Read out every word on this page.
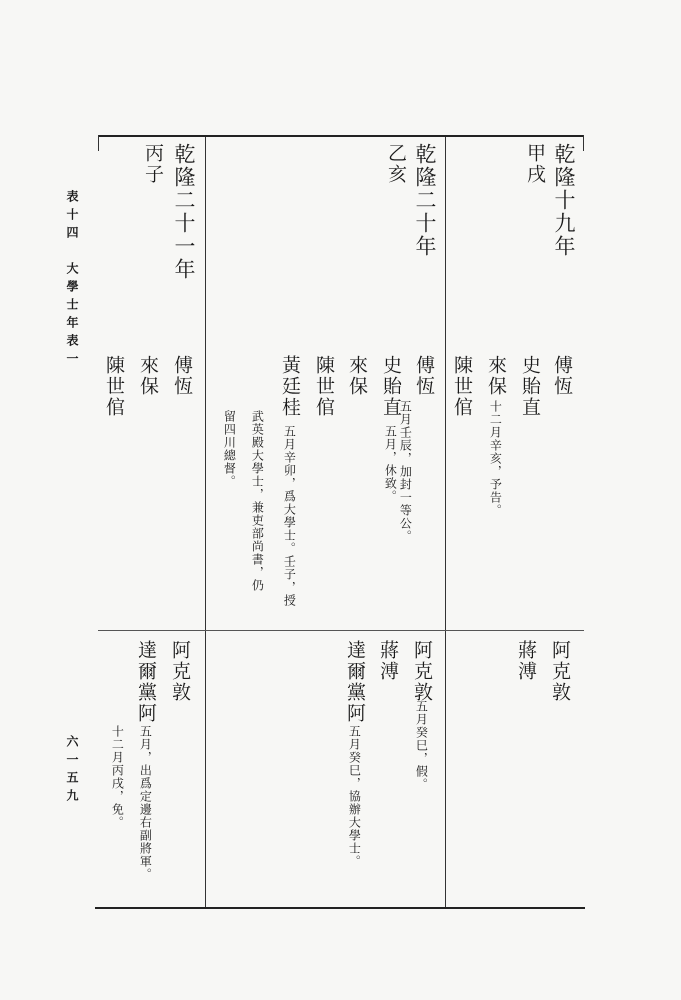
表十四　大學士年表一
六一五九
乾隆十九年
甲戌
傅恆
史貽直
來保
十二月辛亥，予告。
陳世倌
阿克敦
蔣溥
乾隆二十年
乙亥
傅恆
五月壬辰，加封一等公。
史貽直
五月，休致。
來保
陳世倌
黃廷桂
五月辛卯，爲大學士。壬子，授
武英殿大學士，兼吏部尚書，仍
留四川總督。
阿克敦
五月癸巳，假。
蔣溥
達爾黨阿
五月癸巳，協辦大學士。
乾隆二十一年
丙子
傅恆
來保
陳世倌
阿克敦
達爾黨阿
五月，出爲定邊右副將軍。
十二月丙戌，免。
